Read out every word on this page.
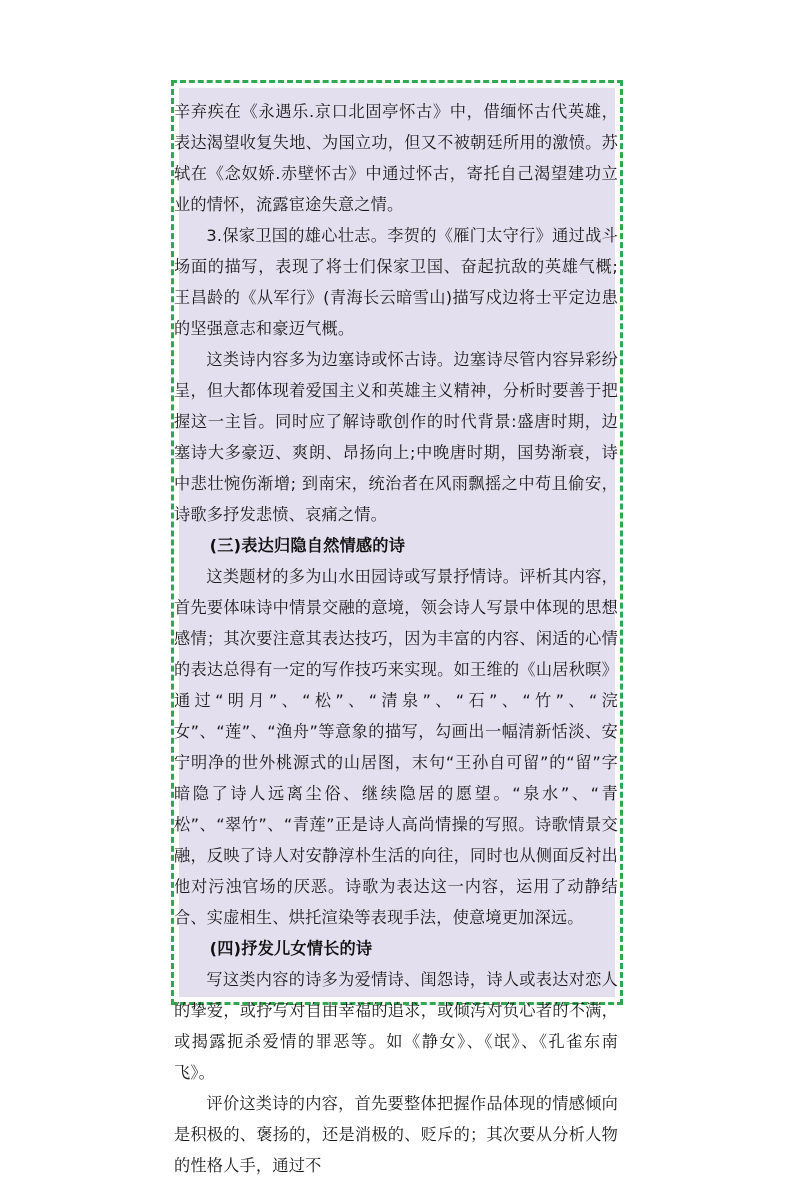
辛弃疾在《永遇乐.京口北固亭怀古》中，借缅怀古代英雄，表达渴望收复失地、为国立功，但又不被朝廷所用的激愤。苏轼在《念奴娇.赤壁怀古》中通过怀古，寄托自己渴望建功立业的情怀，流露宦途失意之情。

3.保家卫国的雄心壮志。李贺的《雁门太守行》通过战斗场面的描写，表现了将士们保家卫国、奋起抗敌的英雄气概; 王昌龄的《从军行》(青海长云暗雪山)描写戍边将士平定边患的坚强意志和豪迈气概。

这类诗内容多为边塞诗或怀古诗。边塞诗尽管内容异彩纷呈，但大都体现着爱国主义和英雄主义精神，分析时要善于把握这一主旨。同时应了解诗歌创作的时代背景:盛唐时期，边塞诗大多豪迈、爽朗、昂扬向上;中晚唐时期，国势渐衰，诗中悲壮惋伤渐增; 到南宋，统治者在风雨飘摇之中苟且偷安，诗歌多抒发悲愤、哀痛之情。

(三)表达归隐自然情感的诗

这类题材的多为山水田园诗或写景抒情诗。评析其内容，首先要体味诗中情景交融的意境，领会诗人写景中体现的思想感情；其次要注意其表达技巧，因为丰富的内容、闲适的心情的表达总得有一定的写作技巧来实现。如王维的《山居秋暝》通过“明月”、“松”、“清泉”、“石”、“竹”、“浣女”、“莲”、“渔舟”等意象的描写，勾画出一幅清新恬淡、安宁明净的世外桃源式的山居图，末句“王孙自可留”的“留”字暗隐了诗人远离尘俗、继续隐居的愿望。“泉水”、“青松”、“翠竹”、“青莲”正是诗人高尚情操的写照。诗歌情景交融，反映了诗人对安静淳朴生活的向往，同时也从侧面反衬出他对污浊官场的厌恶。诗歌为表达这一内容，运用了动静结合、实虚相生、烘托渲染等表现手法，使意境更加深远。

(四)抒发儿女情长的诗

写这类内容的诗多为爱情诗、闺怨诗，诗人或表达对恋人的挚爱，或抒写对自由幸福的追求，或倾泻对负心者的不满，或揭露扼杀爱情的罪恶等。如《静女》、《氓》、《孔雀东南飞》。

评价这类诗的内容，首先要整体把握作品体现的情感倾向是积极的、褒扬的，还是消极的、贬斥的；其次要从分析人物的性格人手，通过不
